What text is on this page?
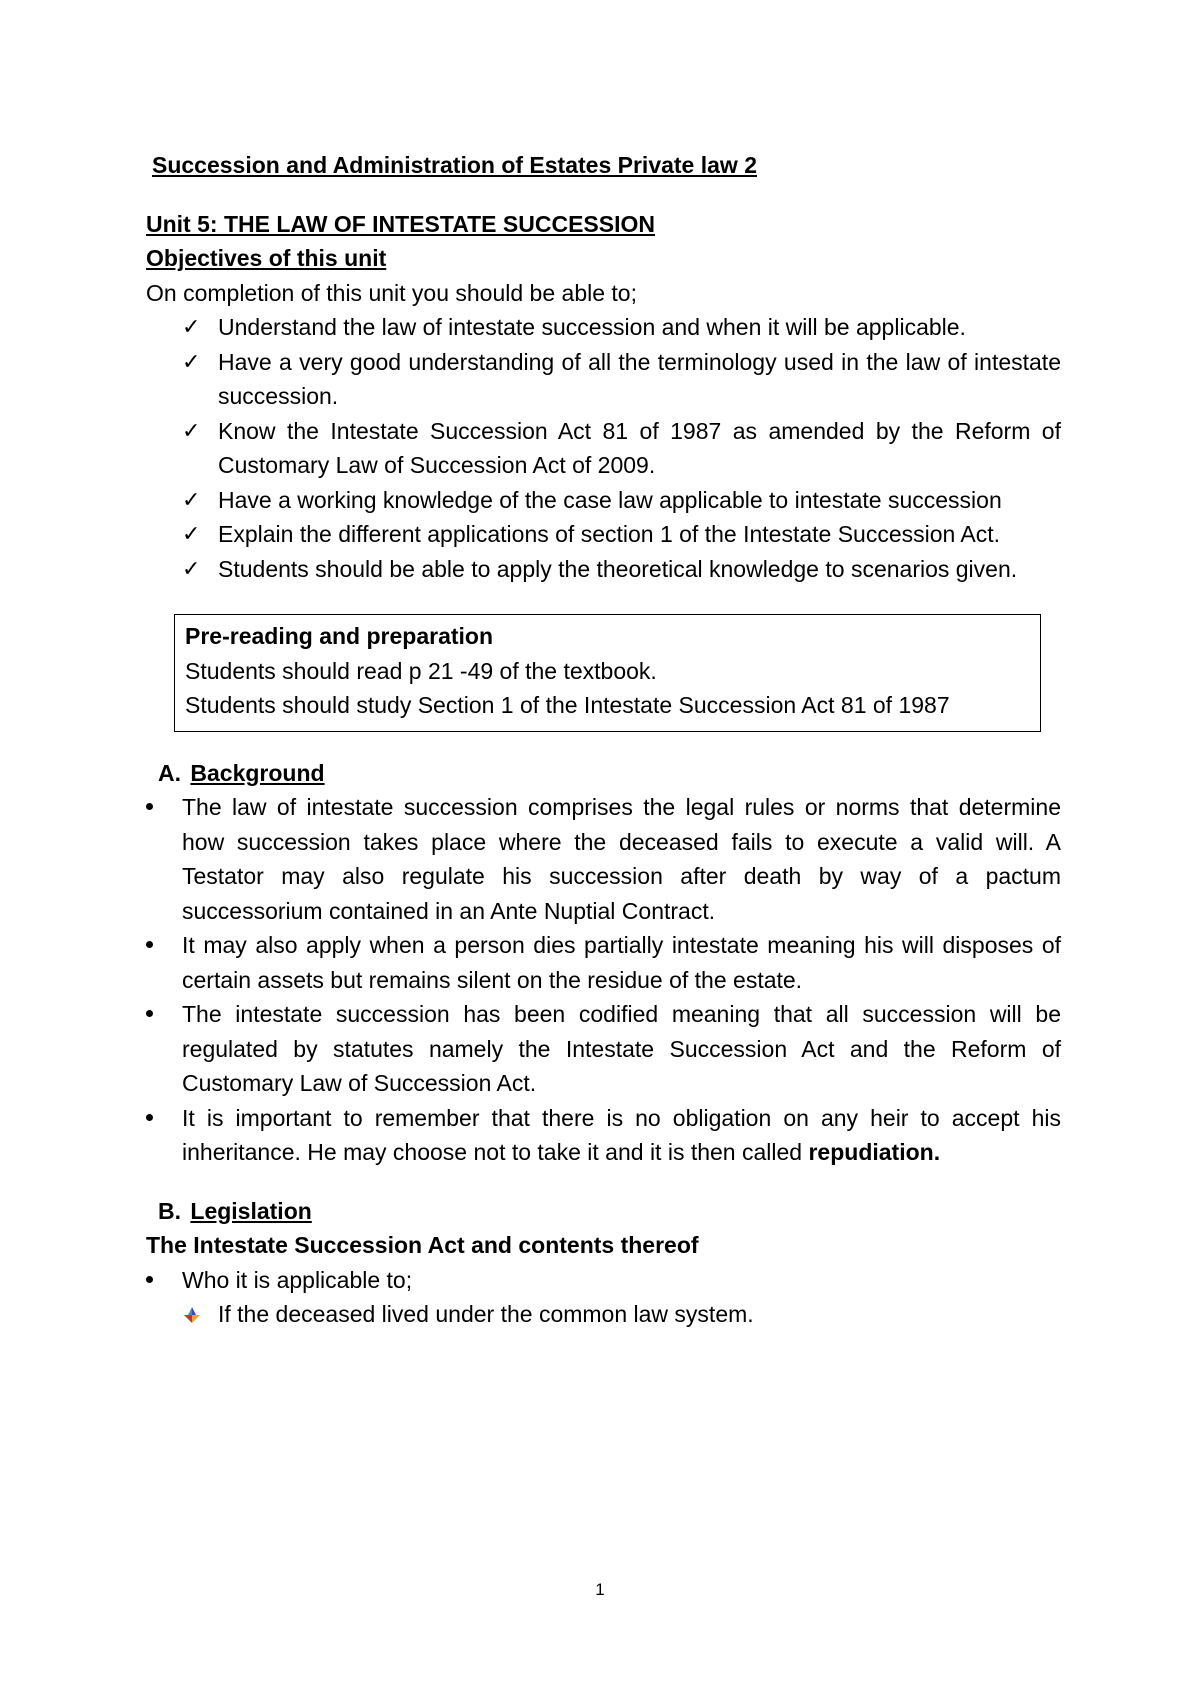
Succession and Administration of Estates Private law 2

Unit 5: THE LAW OF INTESTATE SUCCESSION

Objectives of this unit

On completion of this unit you should be able to;

✓ Understand the law of intestate succession and when it will be applicable.
✓ Have a very good understanding of all the terminology used in the law of intestate succession.
✓ Know the Intestate Succession Act 81 of 1987 as amended by the Reform of Customary Law of Succession Act of 2009.
✓ Have a working knowledge of the case law applicable to intestate succession
✓ Explain the different applications of section 1 of the Intestate Succession Act.
✓ Students should be able to apply the theoretical knowledge to scenarios given.

Pre-reading and preparation

Students should read p 21 -49 of the textbook.

Students should study Section 1 of the Intestate Succession Act 81 of 1987

A. Background

The law of intestate succession comprises the legal rules or norms that determine how succession takes place where the deceased fails to execute a valid will. A Testator may also regulate his succession after death by way of a pactum successorium contained in an Ante Nuptial Contract.
It may also apply when a person dies partially intestate meaning his will disposes of certain assets but remains silent on the residue of the estate.
The intestate succession has been codified meaning that all succession will be regulated by statutes namely the Intestate Succession Act and the Reform of Customary Law of Succession Act.
It is important to remember that there is no obligation on any heir to accept his inheritance. He may choose not to take it and it is then called repudiation.

B. Legislation

The Intestate Succession Act and contents thereof

Who it is applicable to;
If the deceased lived under the common law system.
1
